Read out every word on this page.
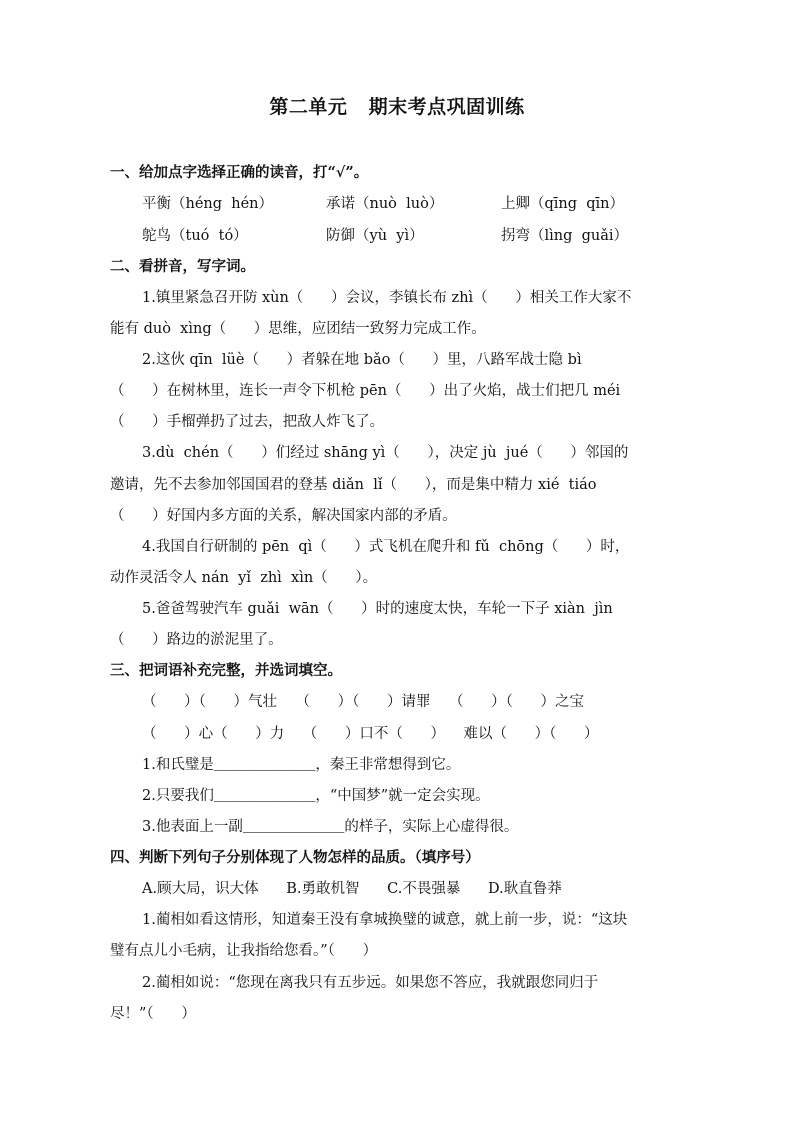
第二单元   期末考点巩固训练
一、给加点字选择正确的读音，打“√”。
平衡（héng  hén）	承诺（nuò  luò）	上卿（qīng  qīn）
鸵鸟（tuó  tó）	防御（yù  yì）	拐弯（lìng  guǎi）
二、看拼音，写字词。
1.镇里紧急召开防 xùn（      ）会议，李镇长布 zhì（      ）相关工作大家不
能有 duò  xìng（      ）思维，应团结一致努力完成工作。
2.这伙 qīn  lüè（      ）者躲在地 bǎo（      ）里，八路军战士隐 bì
（      ）在树林里，连长一声令下机枪 pēn（      ）出了火焰，战士们把几 méi
（      ）手榴弹扔了过去，把敌人炸飞了。
3.dù  chén（      ）们经过 shāng yì（      ），决定 jù  jué（      ）邻国的
邀请，先不去参加邻国国君的登基 diǎn  lǐ（      ），而是集中精力 xié  tiáo
（      ）好国内多方面的关系，解决国家内部的矛盾。
4.我国自行研制的 pēn  qì（      ）式飞机在爬升和 fǔ  chōng（      ）时，
动作灵活令人 nán  yǐ  zhì  xìn（      ）。
5.爸爸驾驶汽车 guǎi  wān（      ）时的速度太快，车轮一下子 xiàn  jìn
（      ）路边的淤泥里了。
三、把词语补充完整，并选词填空。
（      ）（      ）气壮    （      ）（      ）请罪    （      ）（      ）之宝
（      ）心（      ）力    （      ）口不（      ）    难以（      ）（      ）
1.和氏璧是＿＿＿＿＿＿＿，秦王非常想得到它。
2.只要我们＿＿＿＿＿＿＿，“中国梦”就一定会实现。
3.他表面上一副＿＿＿＿＿＿＿的样子，实际上心虚得很。
四、判断下列句子分别体现了人物怎样的品质。（填序号）
A.顾大局，识大体      B.勇敢机智      C.不畏强暴      D.耿直鲁莽
1.蔺相如看这情形，知道秦王没有拿城换璧的诚意，就上前一步，说：“这块
璧有点儿小毛病，让我指给您看。”（      ）
2.蔺相如说：“您现在离我只有五步远。如果您不答应，我就跟您同归于
尽！”（      ）
